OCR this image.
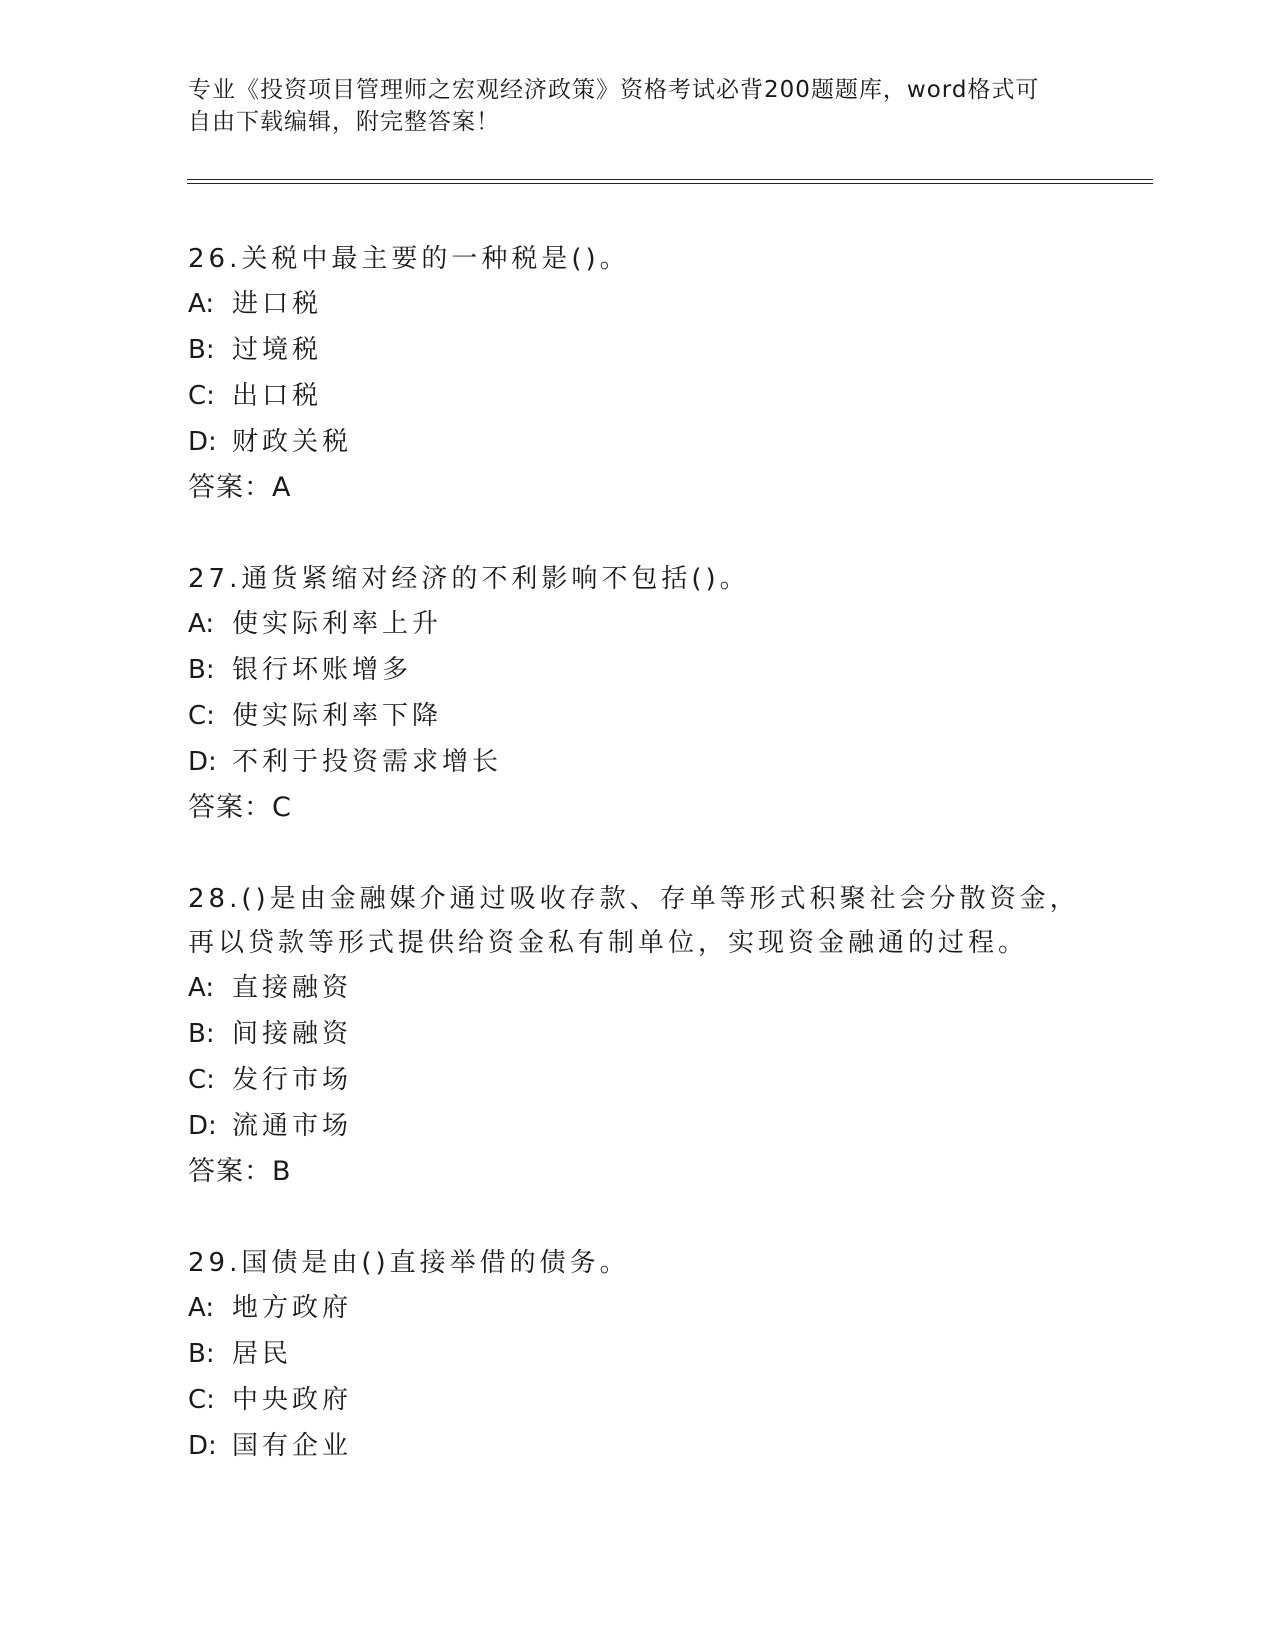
专业《投资项目管理师之宏观经济政策》资格考试必背200题题库，word格式可
自由下载编辑，附完整答案！
26.关税中最主要的一种税是()。
A: 进口税
B: 过境税
C: 出口税
D: 财政关税
答案：A
27.通货紧缩对经济的不利影响不包括()。
A: 使实际利率上升
B: 银行坏账增多
C: 使实际利率下降
D: 不利于投资需求增长
答案：C
28.()是由金融媒介通过吸收存款、存单等形式积聚社会分散资金，再以贷款等形式提供给资金私有制单位，实现资金融通的过程。
A: 直接融资
B: 间接融资
C: 发行市场
D: 流通市场
答案：B
29.国债是由()直接举借的债务。
A: 地方政府
B: 居民
C: 中央政府
D: 国有企业
